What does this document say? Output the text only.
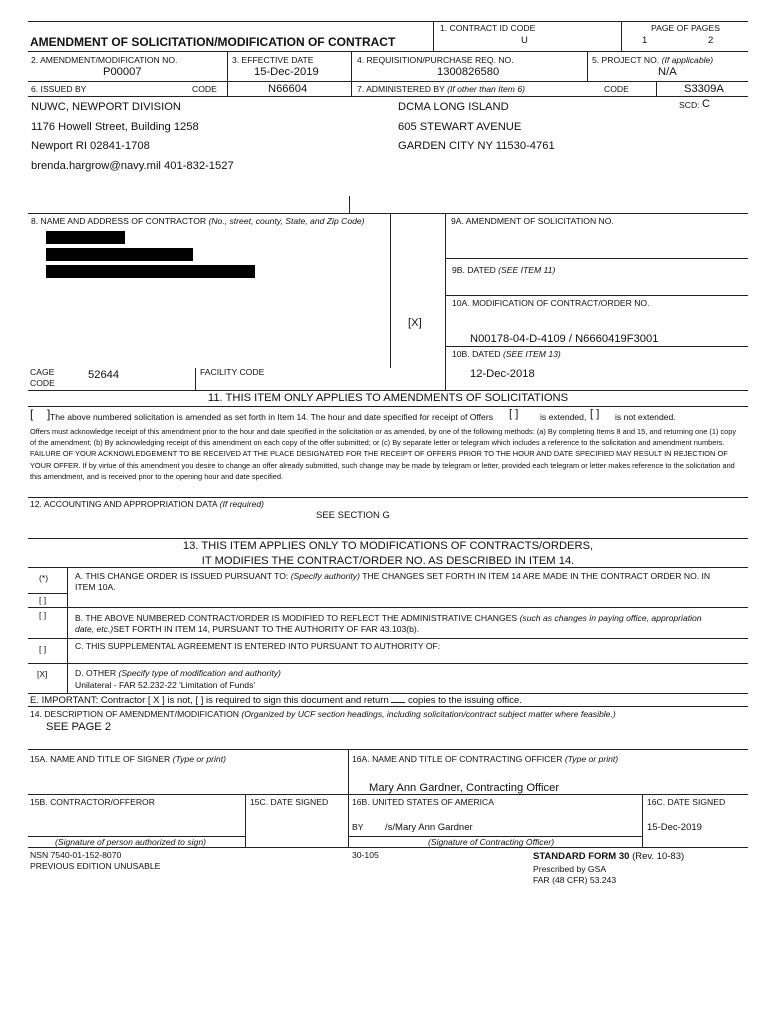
AMENDMENT OF SOLICITATION/MODIFICATION OF CONTRACT
1. CONTRACT ID CODE
U
PAGE OF PAGES
1	2
2. AMENDMENT/MODIFICATION NO.
P00007
3. EFFECTIVE DATE
15-Dec-2019
4. REQUISITION/PURCHASE REQ. NO.
1300826580
5. PROJECT NO. (If applicable)
N/A
6. ISSUED BY	CODE	N66604	7. ADMINISTERED BY (If other than Item 6)	CODE	S3309A
SCD: C
NUWC, NEWPORT DIVISION
1176 Howell Street, Building 1258
Newport RI 02841-1708
brenda.hargrow@navy.mil 401-832-1527
DCMA LONG ISLAND
605 STEWART AVENUE
GARDEN CITY NY 11530-4761
8. NAME AND ADDRESS OF CONTRACTOR (No., street, county, State, and Zip Code)	9A. AMENDMENT OF SOLICITATION NO.
9B. DATED (SEE ITEM 11)
[X]
10A. MODIFICATION OF CONTRACT/ORDER NO.
N00178-04-D-4109 / N6660419F3001
10B. DATED (SEE ITEM 13)
12-Dec-2018
CAGE
CODE
52644	FACILITY CODE
11. THIS ITEM ONLY APPLIES TO AMENDMENTS OF SOLICITATIONS
[ ] The above numbered solicitation is amended as set forth in Item 14. The hour and date specified for receipt of Offers [ ]	is extended, [ ] is not extended.
Offers must acknowledge receipt of this amendment prior to the hour and date specified in the solicitation or as amended, by one of the following methods: (a) By completing Items 8 and 15, and returning one (1) copy of the amendment; (b) By acknowledging receipt of this amendment on each copy of the offer submitted; or (c) By separate letter or telegram which includes a reference to the solicitation and amendment numbers. FAILURE OF YOUR ACKNOWLEDGEMENT TO BE RECEIVED AT THE PLACE DESIGNATED FOR THE RECEIPT OF OFFERS PRIOR TO THE HOUR AND DATE SPECIFIED MAY RESULT IN REJECTION OF YOUR OFFER. If by virtue of this amendment you desire to change an offer already submitted, such change may be made by telegram or letter, provided each telegram or letter makes reference to the solicitation and this amendment, and is received prior to the opening hour and date specified.
12. ACCOUNTING AND APPROPRIATION DATA (If required)
SEE SECTION G
13. THIS ITEM APPLIES ONLY TO MODIFICATIONS OF CONTRACTS/ORDERS,
IT MODIFIES THE CONTRACT/ORDER NO. AS DESCRIBED IN ITEM 14.
(*)	A. THIS CHANGE ORDER IS ISSUED PURSUANT TO: (Specify authority) THE CHANGES SET FORTH IN ITEM 14 ARE MADE IN THE CONTRACT ORDER NO. IN
ITEM 10A.
[ ]
[ ]	B. THE ABOVE NUMBERED CONTRACT/ORDER IS MODIFIED TO REFLECT THE ADMINISTRATIVE CHANGES (such as changes in paying office, appropriation
date, etc.)SET FORTH IN ITEM 14, PURSUANT TO THE AUTHORITY OF FAR 43.103(b).
[ ]	C. THIS SUPPLEMENTAL AGREEMENT IS ENTERED INTO PURSUANT TO AUTHORITY OF:
[X]	D. OTHER (Specify type of modification and authority)
Unilateral - FAR 52.232-22 'Limitation of Funds'
E. IMPORTANT: Contractor [ X ] is not, [ ] is required to sign this document and return copies to the issuing office.
14. DESCRIPTION OF AMENDMENT/MODIFICATION (Organized by UCF section headings, including solicitation/contract subject matter where feasible.)
SEE PAGE 2
15A. NAME AND TITLE OF SIGNER (Type or print)	16A. NAME AND TITLE OF CONTRACTING OFFICER (Type or print)
Mary Ann Gardner, Contracting Officer
15B. CONTRACTOR/OFFEROR	15C. DATE SIGNED	16B. UNITED STATES OF AMERICA	16C. DATE SIGNED
BY /s/Mary Ann Gardner	15-Dec-2019
(Signature of person authorized to sign)	(Signature of Contracting Officer)
NSN 7540-01-152-8070
PREVIOUS EDITION UNUSABLE
30-105	STANDARD FORM 30 (Rev. 10-83)
Prescribed by GSA
FAR (48 CFR) 53.243
